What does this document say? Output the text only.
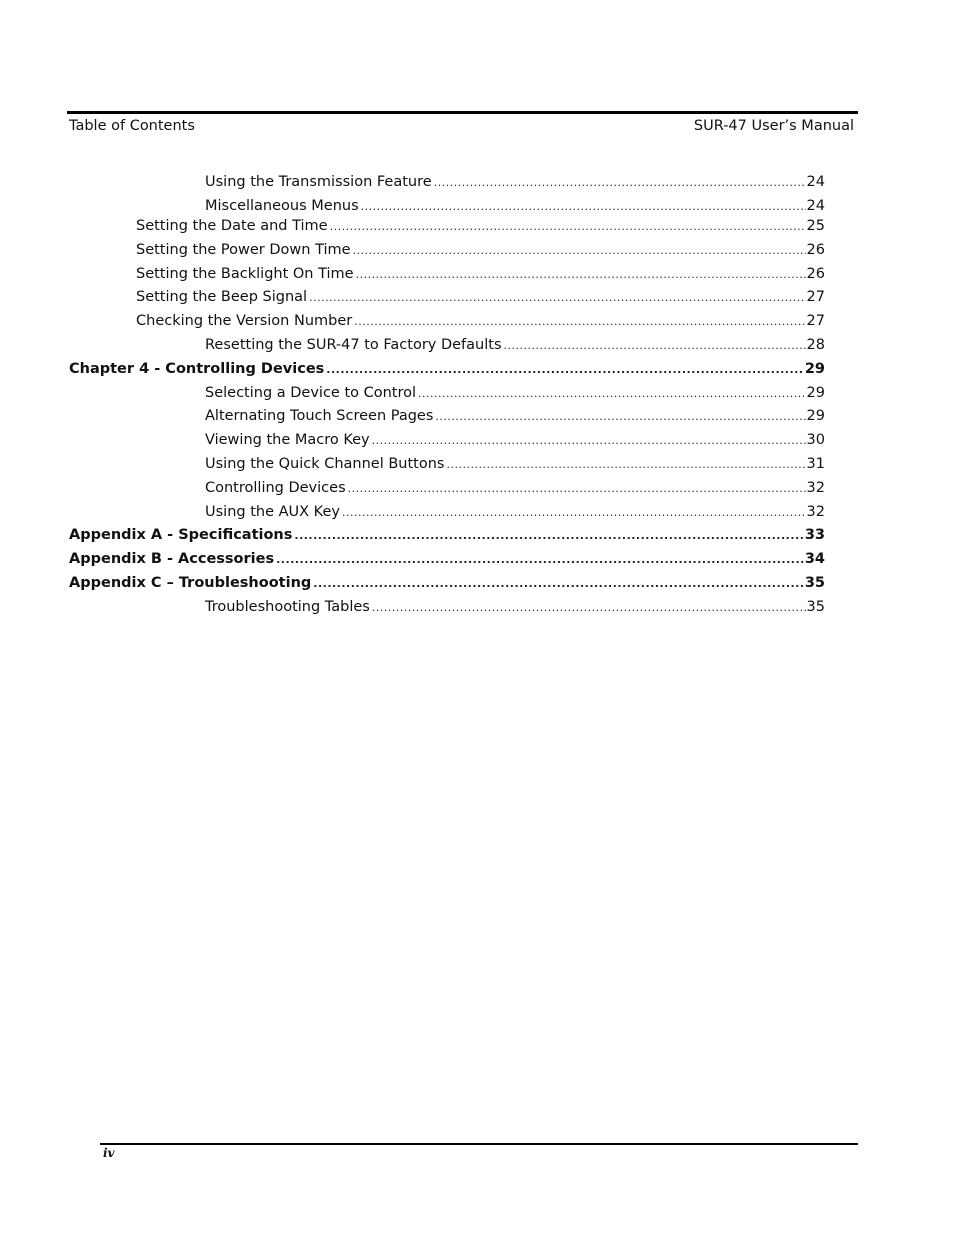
Table of Contents	SUR-47 User’s Manual
Using the Transmission Feature .....	24
Miscellaneous Menus .....	24
Setting the Date and Time .....	25
Setting the Power Down Time .....	26
Setting the Backlight On Time .....	26
Setting the Beep Signal .....	27
Checking the Version Number .....	27
Resetting the SUR-47 to Factory Defaults .....	28
Chapter 4 - Controlling Devices .....	29
Selecting a Device to Control .....	29
Alternating Touch Screen Pages .....	29
Viewing the Macro Key .....	30
Using the Quick Channel Buttons .....	31
Controlling Devices .....	32
Using the AUX Key .....	32
Appendix A - Specifications .....	33
Appendix B - Accessories .....	34
Appendix C – Troubleshooting .....	35
Troubleshooting Tables .....	35
iv
